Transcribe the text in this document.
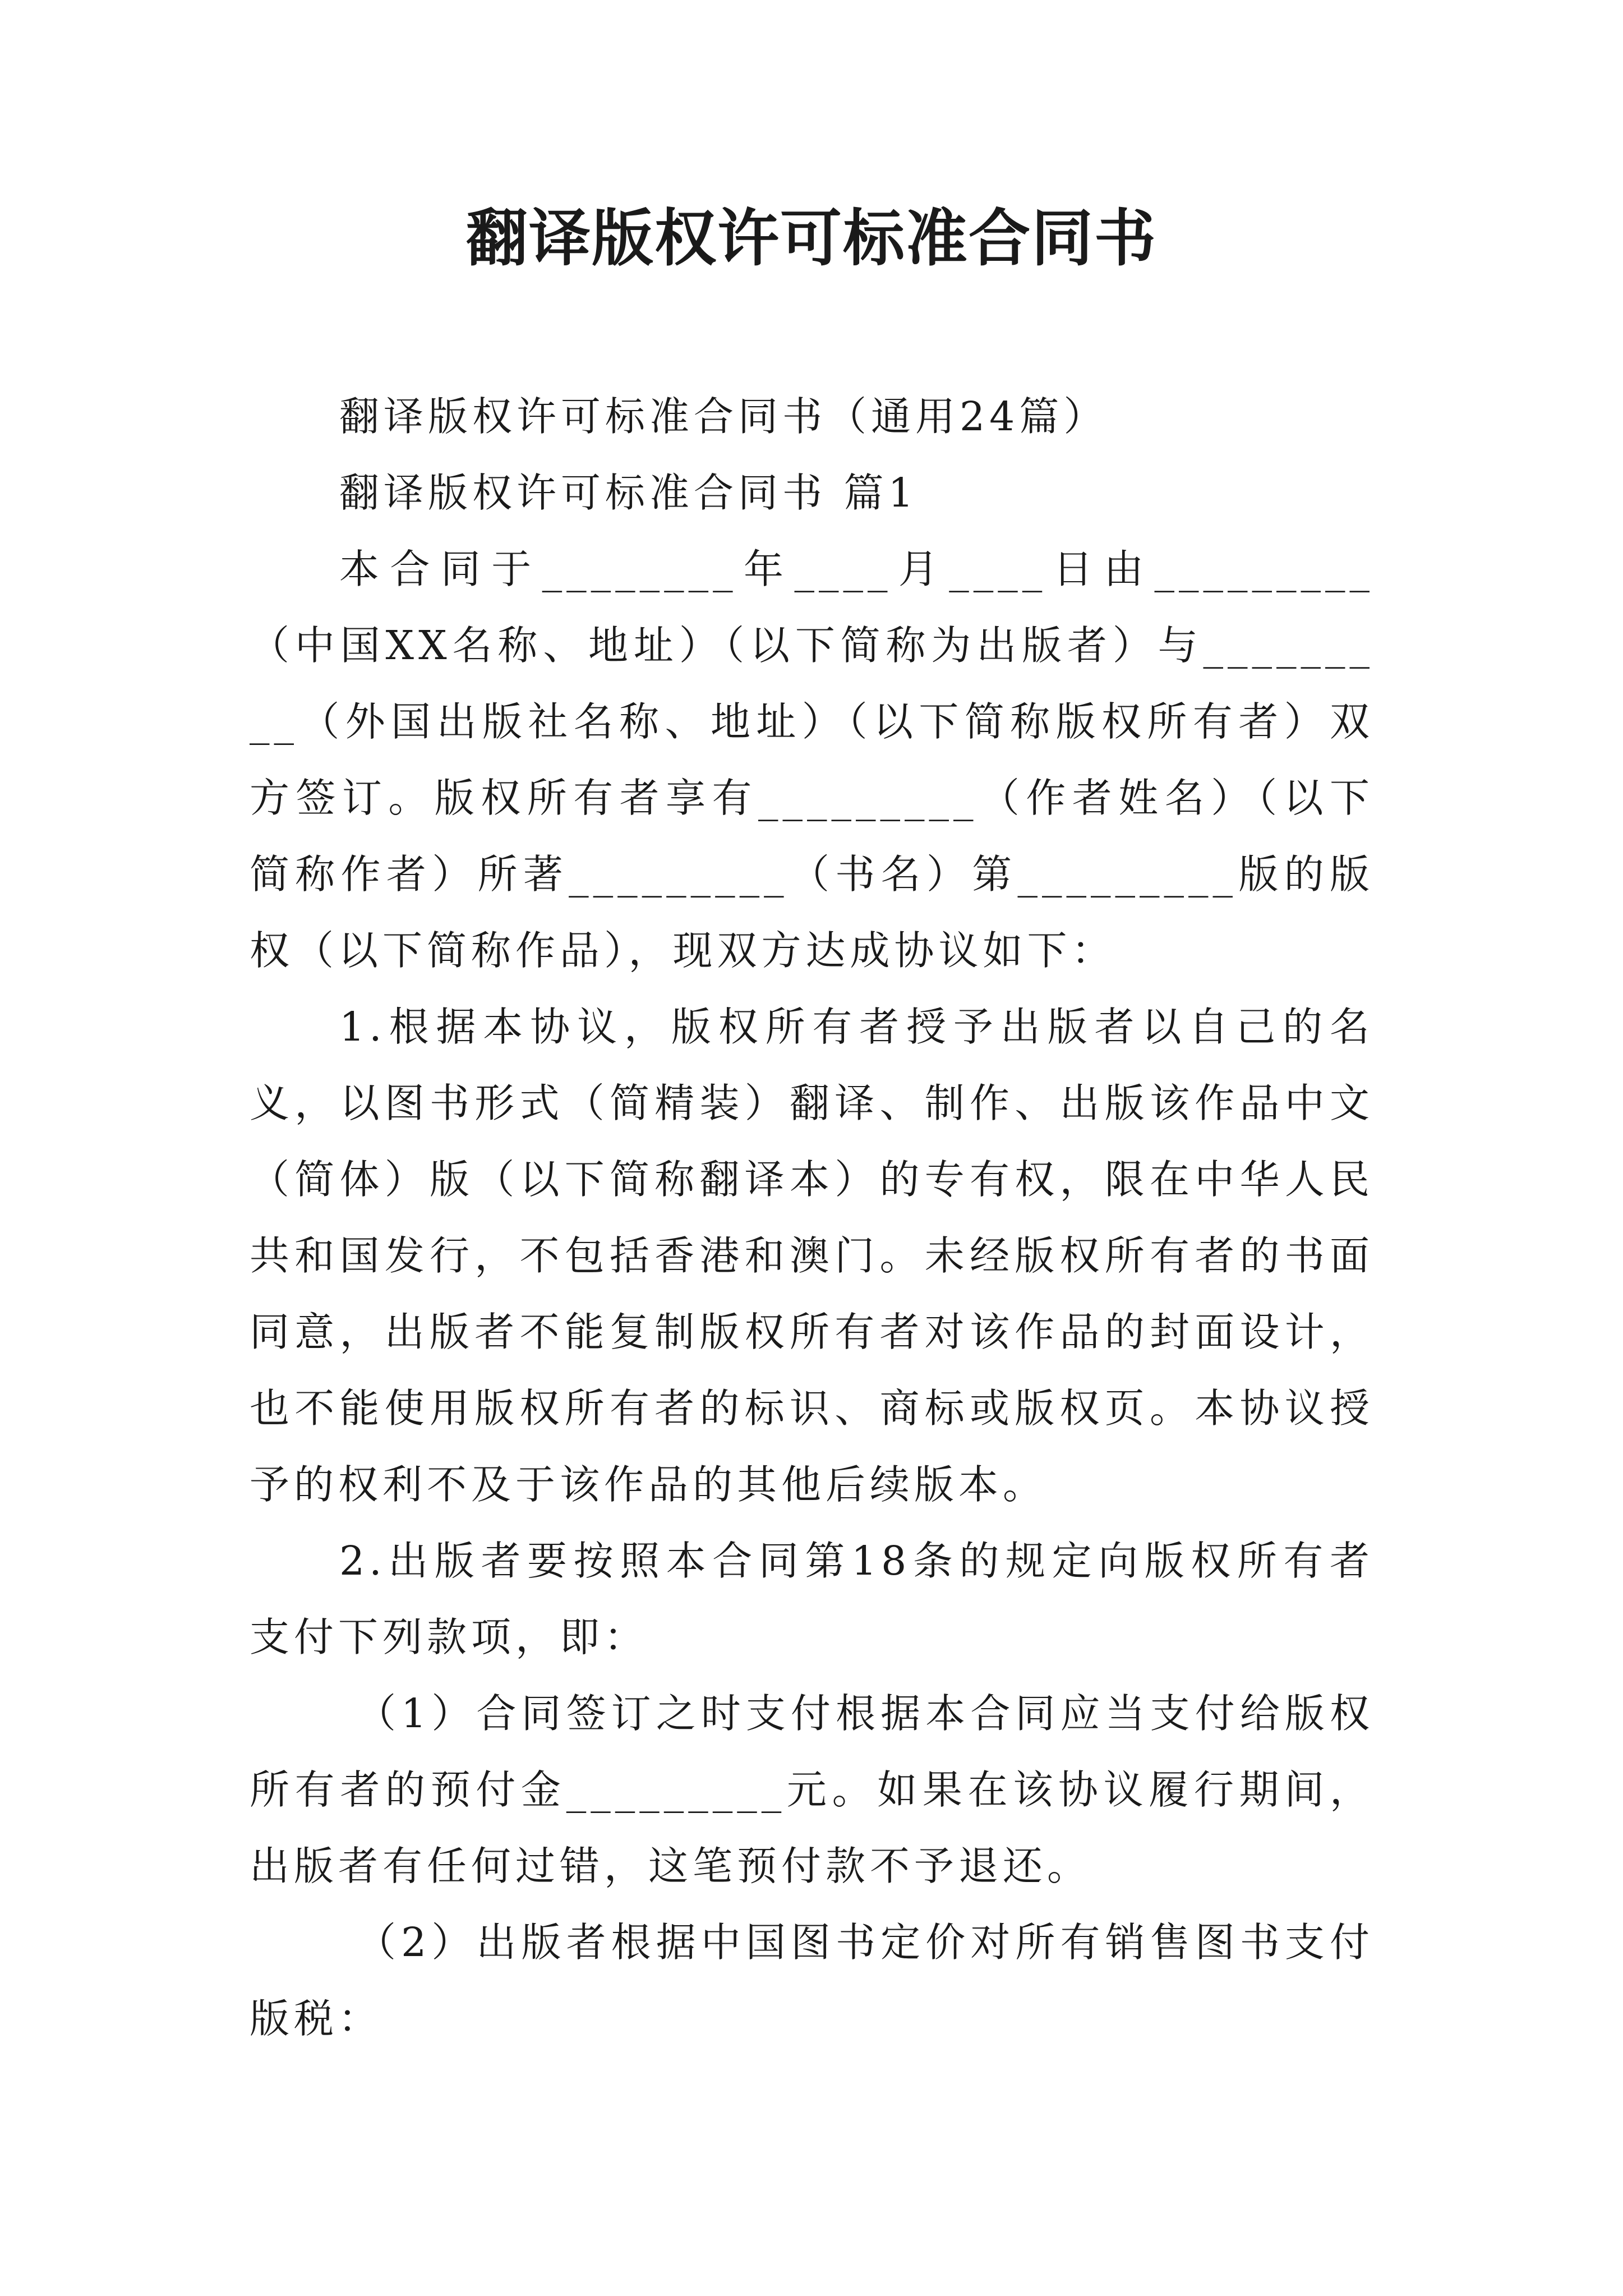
翻译版权许可标准合同书

翻译版权许可标准合同书（通用24篇）

翻译版权许可标准合同书 篇1

本合同于________年____月____日由_________（中国XX名称、地址）（以下简称为出版者）与_________（外国出版社名称、地址）（以下简称版权所有者）双方签订。版权所有者享有_________（作者姓名）（以下简称作者）所著_________（书名）第_________版的版权（以下简称作品），现双方达成协议如下：

1.根据本协议，版权所有者授予出版者以自己的名义，以图书形式（简精装）翻译、制作、出版该作品中文（简体）版（以下简称翻译本）的专有权，限在中华人民共和国发行，不包括香港和澳门。未经版权所有者的书面同意，出版者不能复制版权所有者对该作品的封面设计，也不能使用版权所有者的标识、商标或版权页。本协议授予的权利不及于该作品的其他后续版本。

2.出版者要按照本合同第18条的规定向版权所有者支付下列款项，即：

（1）合同签订之时支付根据本合同应当支付给版权所有者的预付金_________元。如果在该协议履行期间，出版者有任何过错，这笔预付款不予退还。

（2）出版者根据中国图书定价对所有销售图书支付版税：
